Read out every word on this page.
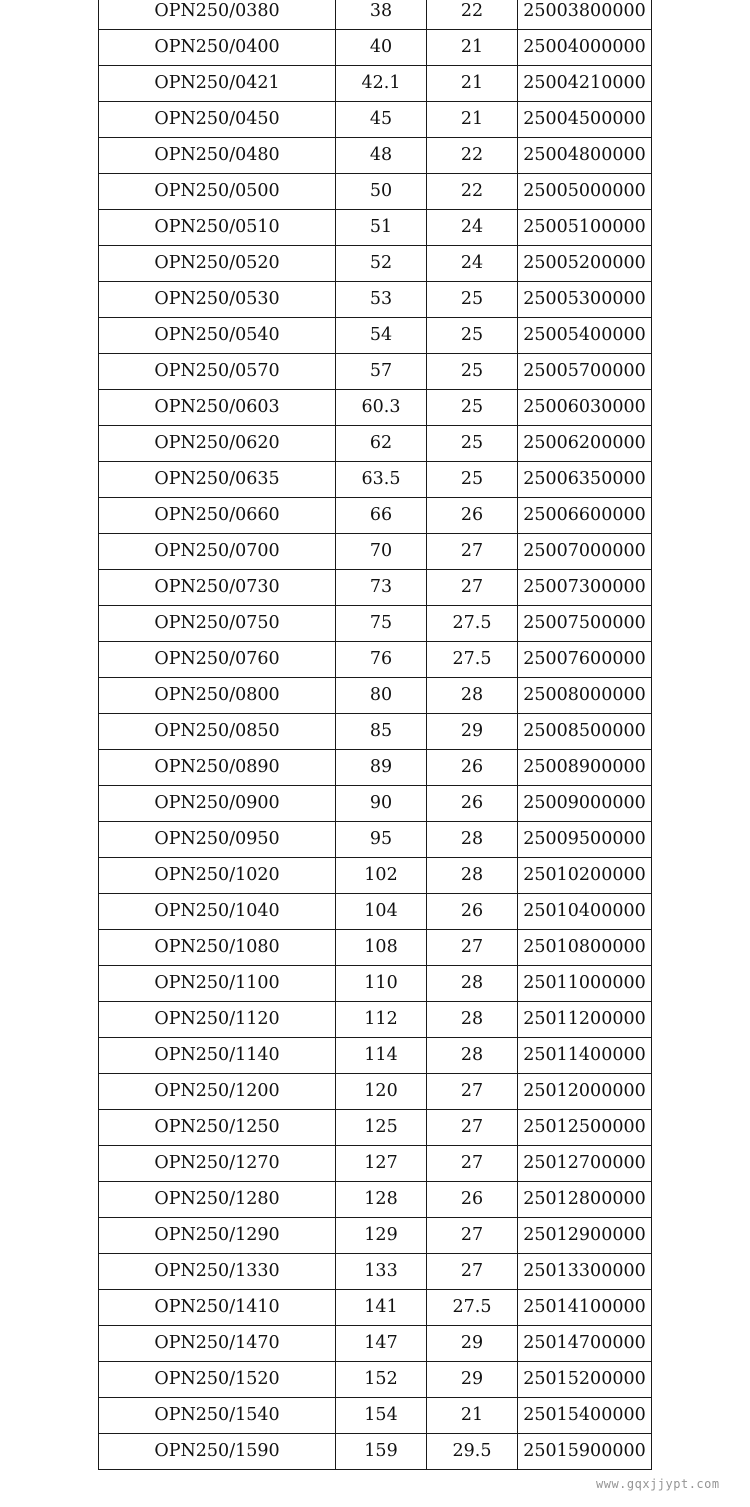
OPN250/0380	38	22	25003800000
OPN250/0400	40	21	25004000000
OPN250/0421	42.1	21	25004210000
OPN250/0450	45	21	25004500000
OPN250/0480	48	22	25004800000
OPN250/0500	50	22	25005000000
OPN250/0510	51	24	25005100000
OPN250/0520	52	24	25005200000
OPN250/0530	53	25	25005300000
OPN250/0540	54	25	25005400000
OPN250/0570	57	25	25005700000
OPN250/0603	60.3	25	25006030000
OPN250/0620	62	25	25006200000
OPN250/0635	63.5	25	25006350000
OPN250/0660	66	26	25006600000
OPN250/0700	70	27	25007000000
OPN250/0730	73	27	25007300000
OPN250/0750	75	27.5	25007500000
OPN250/0760	76	27.5	25007600000
OPN250/0800	80	28	25008000000
OPN250/0850	85	29	25008500000
OPN250/0890	89	26	25008900000
OPN250/0900	90	26	25009000000
OPN250/0950	95	28	25009500000
OPN250/1020	102	28	25010200000
OPN250/1040	104	26	25010400000
OPN250/1080	108	27	25010800000
OPN250/1100	110	28	25011000000
OPN250/1120	112	28	25011200000
OPN250/1140	114	28	25011400000
OPN250/1200	120	27	25012000000
OPN250/1250	125	27	25012500000
OPN250/1270	127	27	25012700000
OPN250/1280	128	26	25012800000
OPN250/1290	129	27	25012900000
OPN250/1330	133	27	25013300000
OPN250/1410	141	27.5	25014100000
OPN250/1470	147	29	25014700000
OPN250/1520	152	29	25015200000
OPN250/1540	154	21	25015400000
OPN250/1590	159	29.5	25015900000
www.gqxjjypt.com
